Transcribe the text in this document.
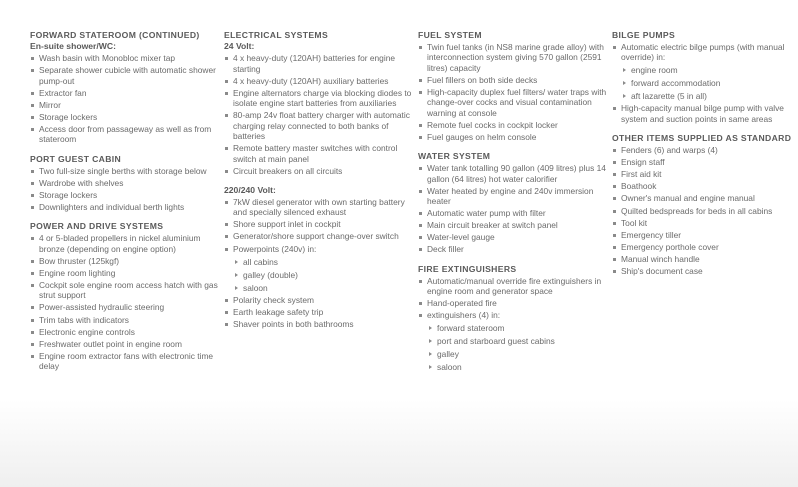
FORWARD STATEROOM (CONTINUED)
En-suite shower/WC:
Wash basin with Monobloc mixer tap
Separate shower cubicle with automatic shower pump-out
Extractor fan
Mirror
Storage lockers
Access door from passageway as well as from stateroom
PORT GUEST CABIN
Two full-size single berths with storage below
Wardrobe with shelves
Storage lockers
Downlighters and individual berth lights
POWER AND DRIVE SYSTEMS
4 or 5-bladed propellers in nickel aluminium bronze (depending on engine option)
Bow thruster (125kgf)
Engine room lighting
Cockpit sole engine room access hatch with gas strut support
Power-assisted hydraulic steering
Trim tabs with indicators
Electronic engine controls
Freshwater outlet point in engine room
Engine room extractor fans with electronic time delay
ELECTRICAL SYSTEMS
24 Volt:
4 x heavy-duty (120AH) batteries for engine starting
4 x heavy-duty (120AH) auxiliary batteries
Engine alternators charge via blocking diodes to isolate engine start batteries from auxiliaries
80-amp 24v float battery charger with automatic charging relay connected to both banks of batteries
Remote battery master switches with control switch at main panel
Circuit breakers on all circuits
220/240 Volt:
7kW diesel generator with own starting battery and specially silenced exhaust
Shore support inlet in cockpit
Generator/shore support change-over switch
Powerpoints (240v) in:
all cabins
galley (double)
saloon
Polarity check system
Earth leakage safety trip
Shaver points in both bathrooms
FUEL SYSTEM
Twin fuel tanks (in NS8 marine grade alloy) with interconnection system giving 570 gallon (2591 litres) capacity
Fuel fillers on both side decks
High-capacity duplex fuel filters/ water traps with change-over cocks and visual contamination warning at console
Remote fuel cocks in cockpit locker
Fuel gauges on helm console
WATER SYSTEM
Water tank totalling 90 gallon (409 litres) plus 14 gallon (64 litres) hot water calorifier
Water heated by engine and 240v immersion heater
Automatic water pump with filter
Main circuit breaker at switch panel
Water-level gauge
Deck filler
FIRE EXTINGUISHERS
Automatic/manual override fire extinguishers in engine room and generator space
Hand-operated fire
extinguishers (4) in:
forward stateroom
port and starboard guest cabins
galley
saloon
BILGE PUMPS
Automatic electric bilge pumps (with manual override) in:
engine room
forward accommodation
aft lazarette (5 in all)
High-capacity manual bilge pump with valve system and suction points in same areas
OTHER ITEMS SUPPLIED AS STANDARD
Fenders (6) and warps (4)
Ensign staff
First aid kit
Boathook
Owner's manual and engine manual
Quilted bedspreads for beds in all cabins
Tool kit
Emergency tiller
Emergency porthole cover
Manual winch handle
Ship's document case
